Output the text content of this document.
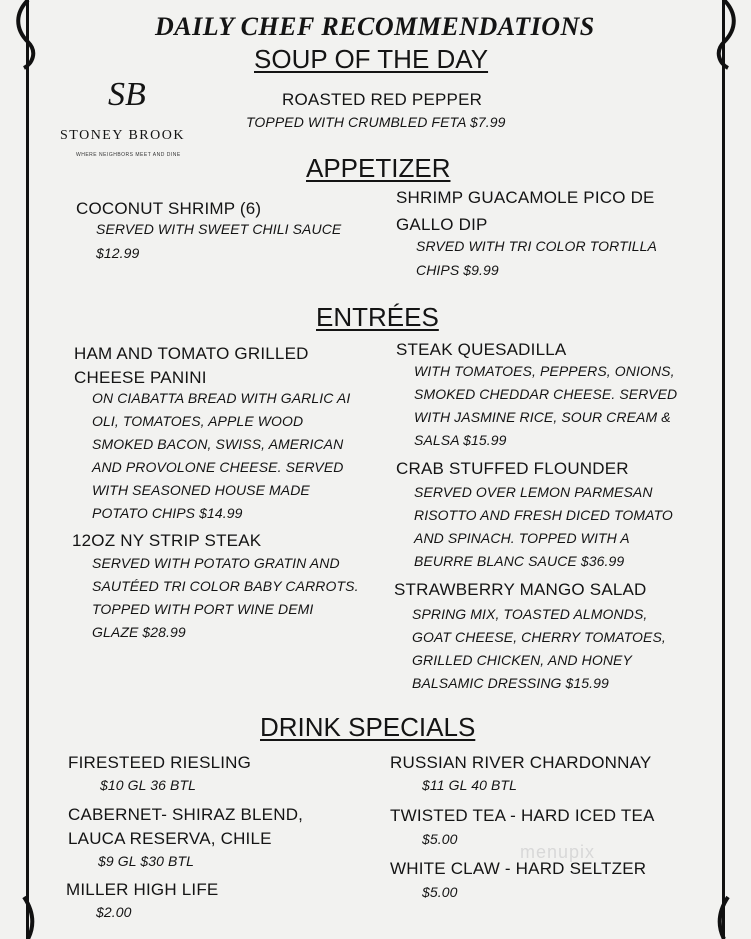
DAILY CHEF RECOMMENDATIONS
SB
STONEY BROOK
WHERE NEIGHBORS MEET AND DINE
SOUP OF THE DAY
ROASTED RED PEPPER
TOPPED WITH CRUMBLED FETA $7.99
APPETIZER
COCONUT SHRIMP (6)
SERVED WITH SWEET CHILI SAUCE
$12.99
SHRIMP GUACAMOLE PICO DE
GALLO DIP
SRVED WITH TRI COLOR TORTILLA
CHIPS $9.99
ENTRÉES
HAM AND TOMATO GRILLED
CHEESE PANINI
ON CIABATTA BREAD WITH GARLIC AI
OLI, TOMATOES, APPLE WOOD
SMOKED BACON, SWISS, AMERICAN
AND PROVOLONE CHEESE. SERVED
WITH SEASONED HOUSE MADE
POTATO CHIPS $14.99
12OZ NY STRIP STEAK
SERVED WITH POTATO GRATIN AND
SAUTÉED TRI COLOR BABY CARROTS.
TOPPED WITH PORT WINE DEMI
GLAZE $28.99
STEAK QUESADILLA
WITH TOMATOES, PEPPERS, ONIONS,
SMOKED CHEDDAR CHEESE. SERVED
WITH JASMINE RICE, SOUR CREAM &
SALSA $15.99
CRAB STUFFED FLOUNDER
SERVED OVER LEMON PARMESAN
RISOTTO AND FRESH DICED TOMATO
AND SPINACH. TOPPED WITH A
BEURRE BLANC SAUCE $36.99
STRAWBERRY MANGO SALAD
SPRING MIX, TOASTED ALMONDS,
GOAT CHEESE, CHERRY TOMATOES,
GRILLED CHICKEN, AND HONEY
BALSAMIC DRESSING $15.99
DRINK SPECIALS
FIRESTEED RIESLING
$10 GL 36 BTL
CABERNET- SHIRAZ BLEND,
LAUCA RESERVA, CHILE
$9 GL $30 BTL
MILLER HIGH LIFE
$2.00
RUSSIAN RIVER CHARDONNAY
$11 GL 40 BTL
TWISTED TEA - HARD ICED TEA
$5.00
WHITE CLAW - HARD SELTZER
$5.00
menupix
